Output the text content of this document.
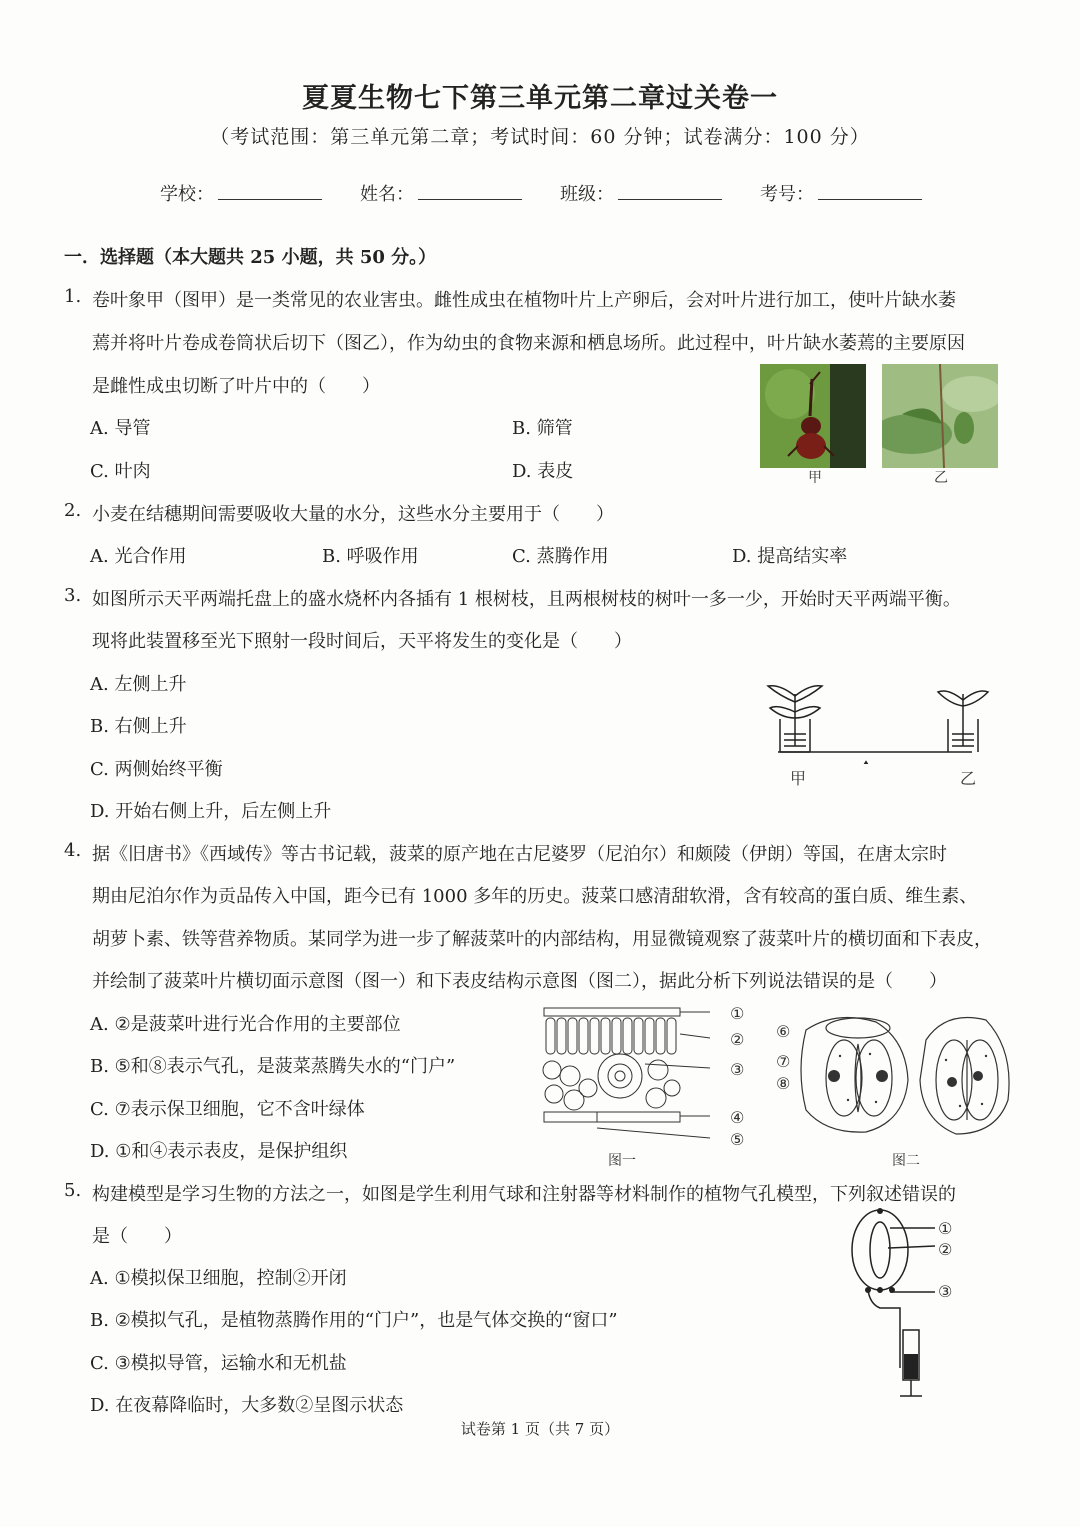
夏夏生物七下第三单元第二章过关卷一
（考试范围：第三单元第二章；考试时间：60 分钟；试卷满分：100 分）
学校：	姓名：	班级：	考号：
一．选择题（本大题共 25 小题，共 50 分。）
1. 卷叶象甲（图甲）是一类常见的农业害虫。雌性成虫在植物叶片上产卵后，会对叶片进行加工，使叶片缺水萎
蔫并将叶片卷成卷筒状后切下（图乙），作为幼虫的食物来源和栖息场所。此过程中，叶片缺水萎蔫的主要原因
是雌性成虫切断了叶片中的（　　）
A. 导管	B. 筛管
C. 叶肉	D. 表皮	甲	乙
2. 小麦在结穗期间需要吸收大量的水分，这些水分主要用于（　　）
A. 光合作用	B. 呼吸作用	C. 蒸腾作用	D. 提高结实率
3. 如图所示天平两端托盘上的盛水烧杯内各插有 1 根树枝，且两根树枝的树叶一多一少，开始时天平两端平衡。
现将此装置移至光下照射一段时间后，天平将发生的变化是（　　）
A. 左侧上升
B. 右侧上升
C. 两侧始终平衡
D. 开始右侧上升，后左侧上升
甲	乙
4. 据《旧唐书》《西域传》等古书记载，菠菜的原产地在古尼婆罗（尼泊尔）和颇陵（伊朗）等国，在唐太宗时
期由尼泊尔作为贡品传入中国，距今已有 1000 多年的历史。菠菜口感清甜软滑，含有较高的蛋白质、维生素、
胡萝卜素、铁等营养物质。某同学为进一步了解菠菜叶的内部结构，用显微镜观察了菠菜叶片的横切面和下表皮，
并绘制了菠菜叶片横切面示意图（图一）和下表皮结构示意图（图二），据此分析下列说法错误的是（　　）
A. ②是菠菜叶进行光合作用的主要部位
B. ⑤和⑧表示气孔，是菠菜蒸腾失水的“门户”
C. ⑦表示保卫细胞，它不含叶绿体
D. ①和④表示表皮，是保护组织
①
②
③
④
⑤
图一
⑥
⑦
⑧
图二
5. 构建模型是学习生物的方法之一，如图是学生利用气球和注射器等材料制作的植物气孔模型，下列叙述错误的
是（　　）
A. ①模拟保卫细胞，控制②开闭
B. ②模拟气孔，是植物蒸腾作用的“门户”，也是气体交换的“窗口”
C. ③模拟导管，运输水和无机盐
D. 在夜幕降临时，大多数②呈图示状态
①
②
③
试卷第 1 页（共 7 页）
